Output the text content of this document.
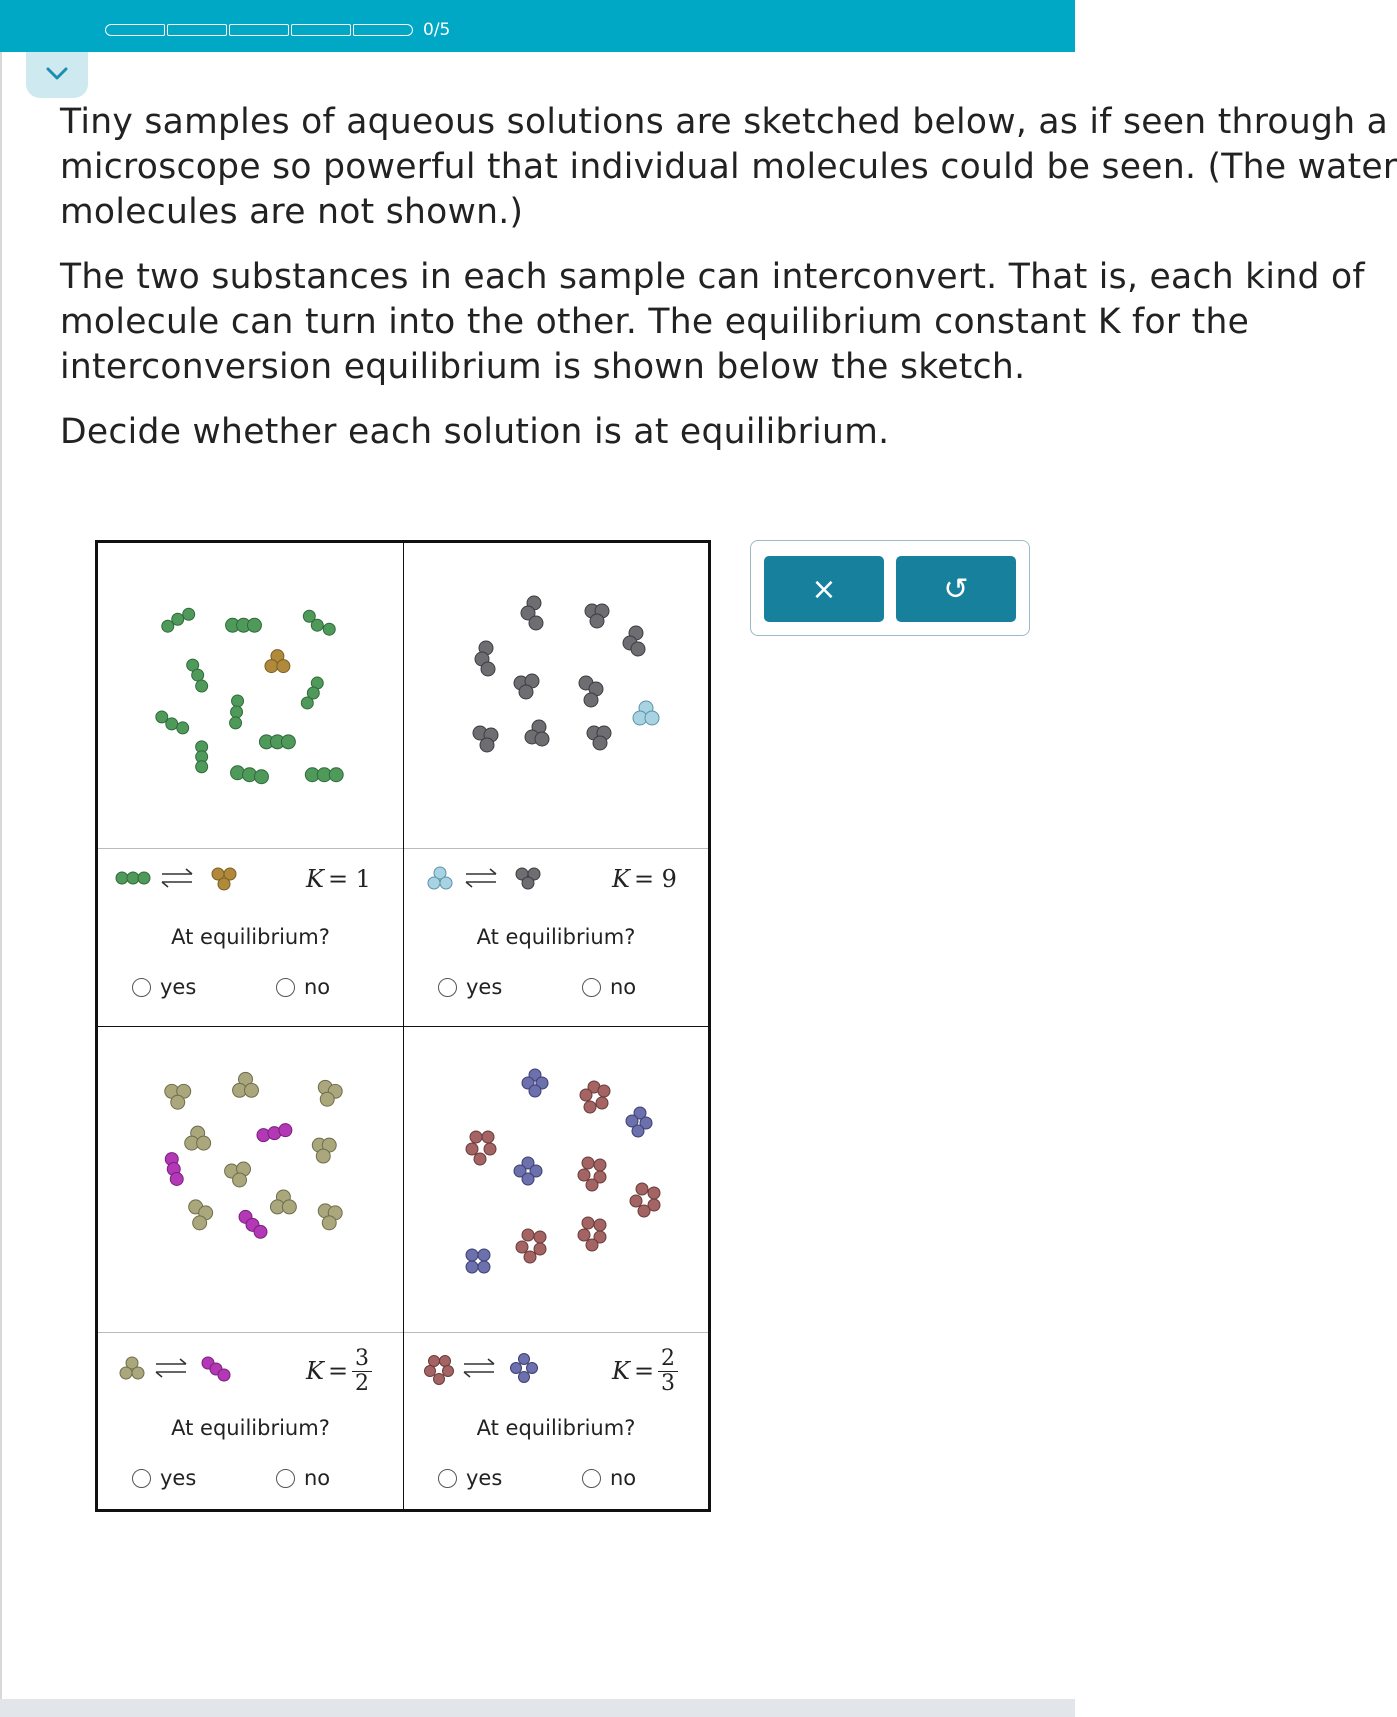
0/5

Tiny samples of aqueous solutions are sketched below, as if seen through a
microscope so powerful that individual molecules could be seen. (The water
molecules are not shown.)

The two substances in each sample can interconvert. That is, each kind of
molecule can turn into the other. The equilibrium constant K for the
interconversion equilibrium is shown below the sketch.

Decide whether each solution is at equilibrium.

K = 1
At equilibrium?
yes	no
K = 9
At equilibrium?
yes	no
$K = \frac{3}{2}$
At equilibrium?
yes	no
$K = \frac{2}{3}$
At equilibrium?
yes	no
×	↺
